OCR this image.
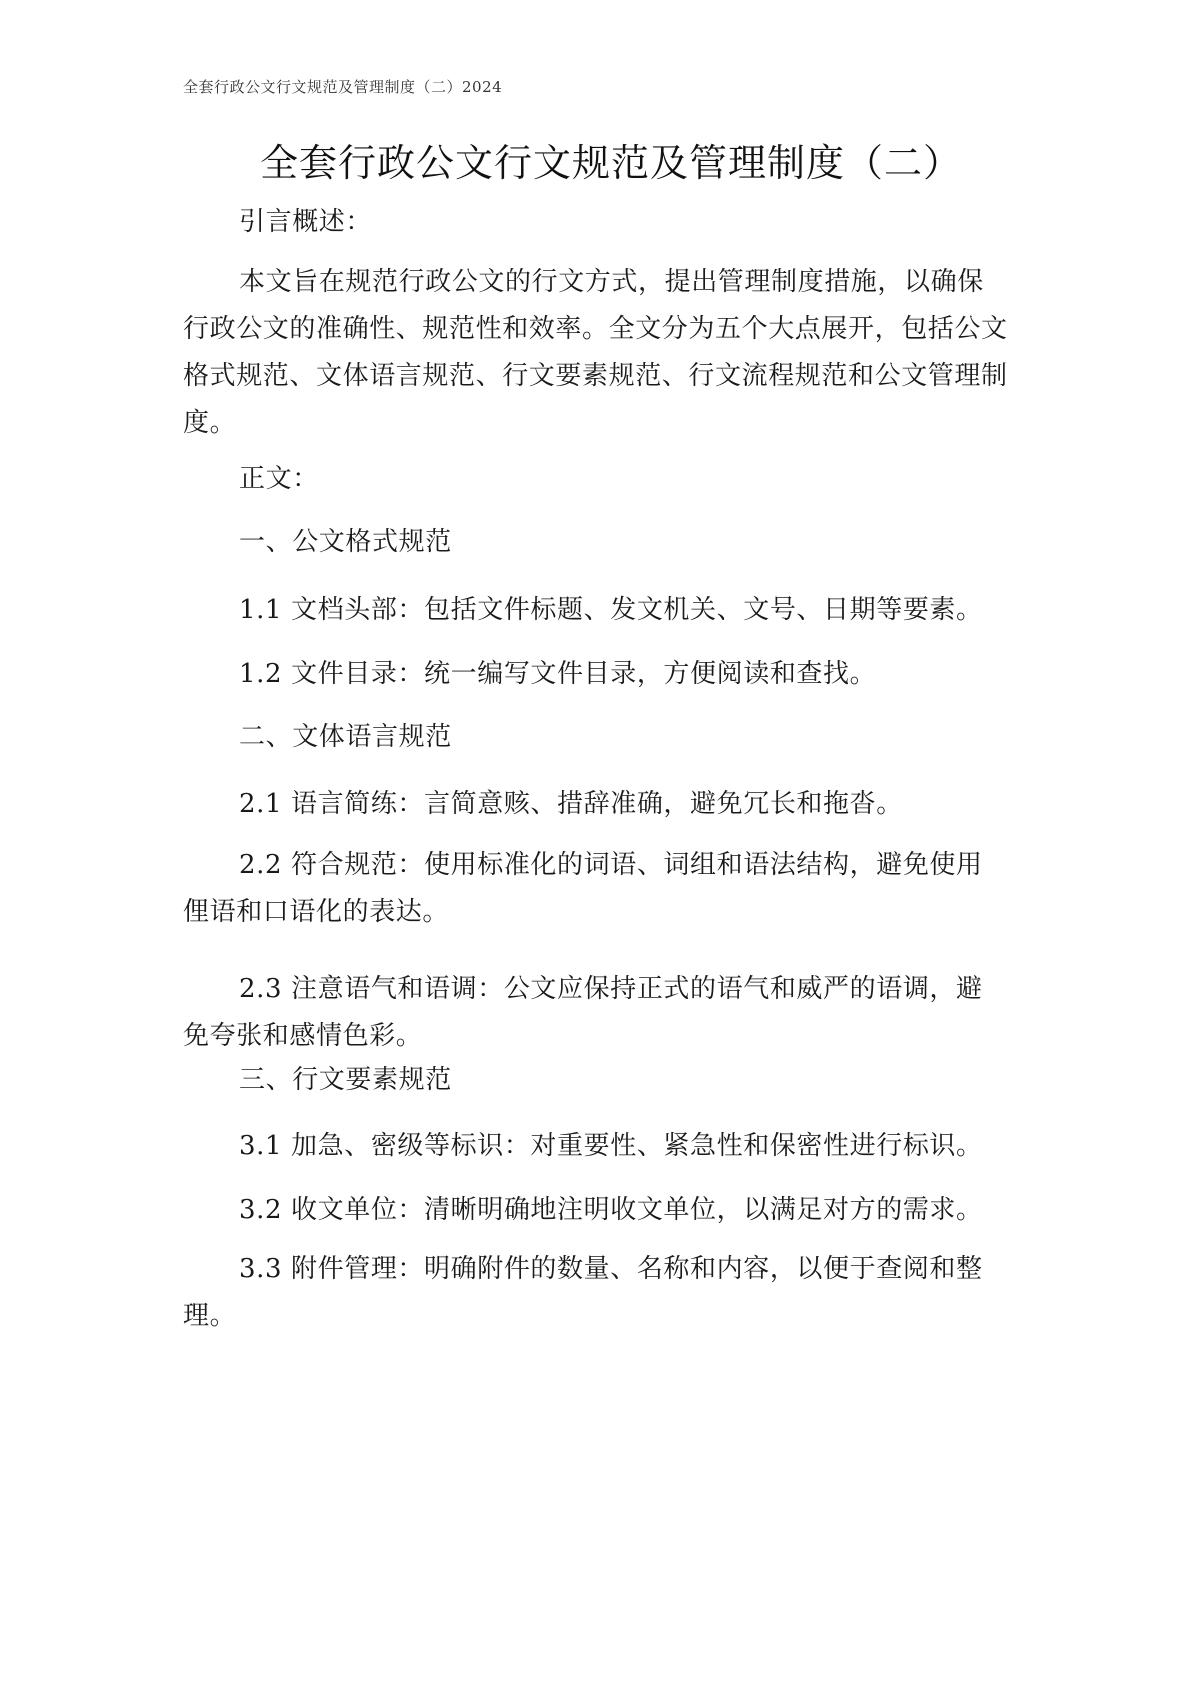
全套行政公文行文规范及管理制度（二）2024
全套行政公文行文规范及管理制度（二）

引言概述：

本文旨在规范行政公文的行文方式，提出管理制度措施，以确保行政公文的准确性、规范性和效率。全文分为五个大点展开，包括公文格式规范、文体语言规范、行文要素规范、行文流程规范和公文管理制度。

正文：

一、公文格式规范

1.1 文档头部：包括文件标题、发文机关、文号、日期等要素。

1.2 文件目录：统一编写文件目录，方便阅读和查找。

二、文体语言规范

2.1 语言简练：言简意赅、措辞准确，避免冗长和拖沓。

2.2 符合规范：使用标准化的词语、词组和语法结构，避免使用俚语和口语化的表达。

2.3 注意语气和语调：公文应保持正式的语气和威严的语调，避免夸张和感情色彩。

三、行文要素规范

3.1 加急、密级等标识：对重要性、紧急性和保密性进行标识。

3.2 收文单位：清晰明确地注明收文单位，以满足对方的需求。

3.3 附件管理：明确附件的数量、名称和内容，以便于查阅和整理。
